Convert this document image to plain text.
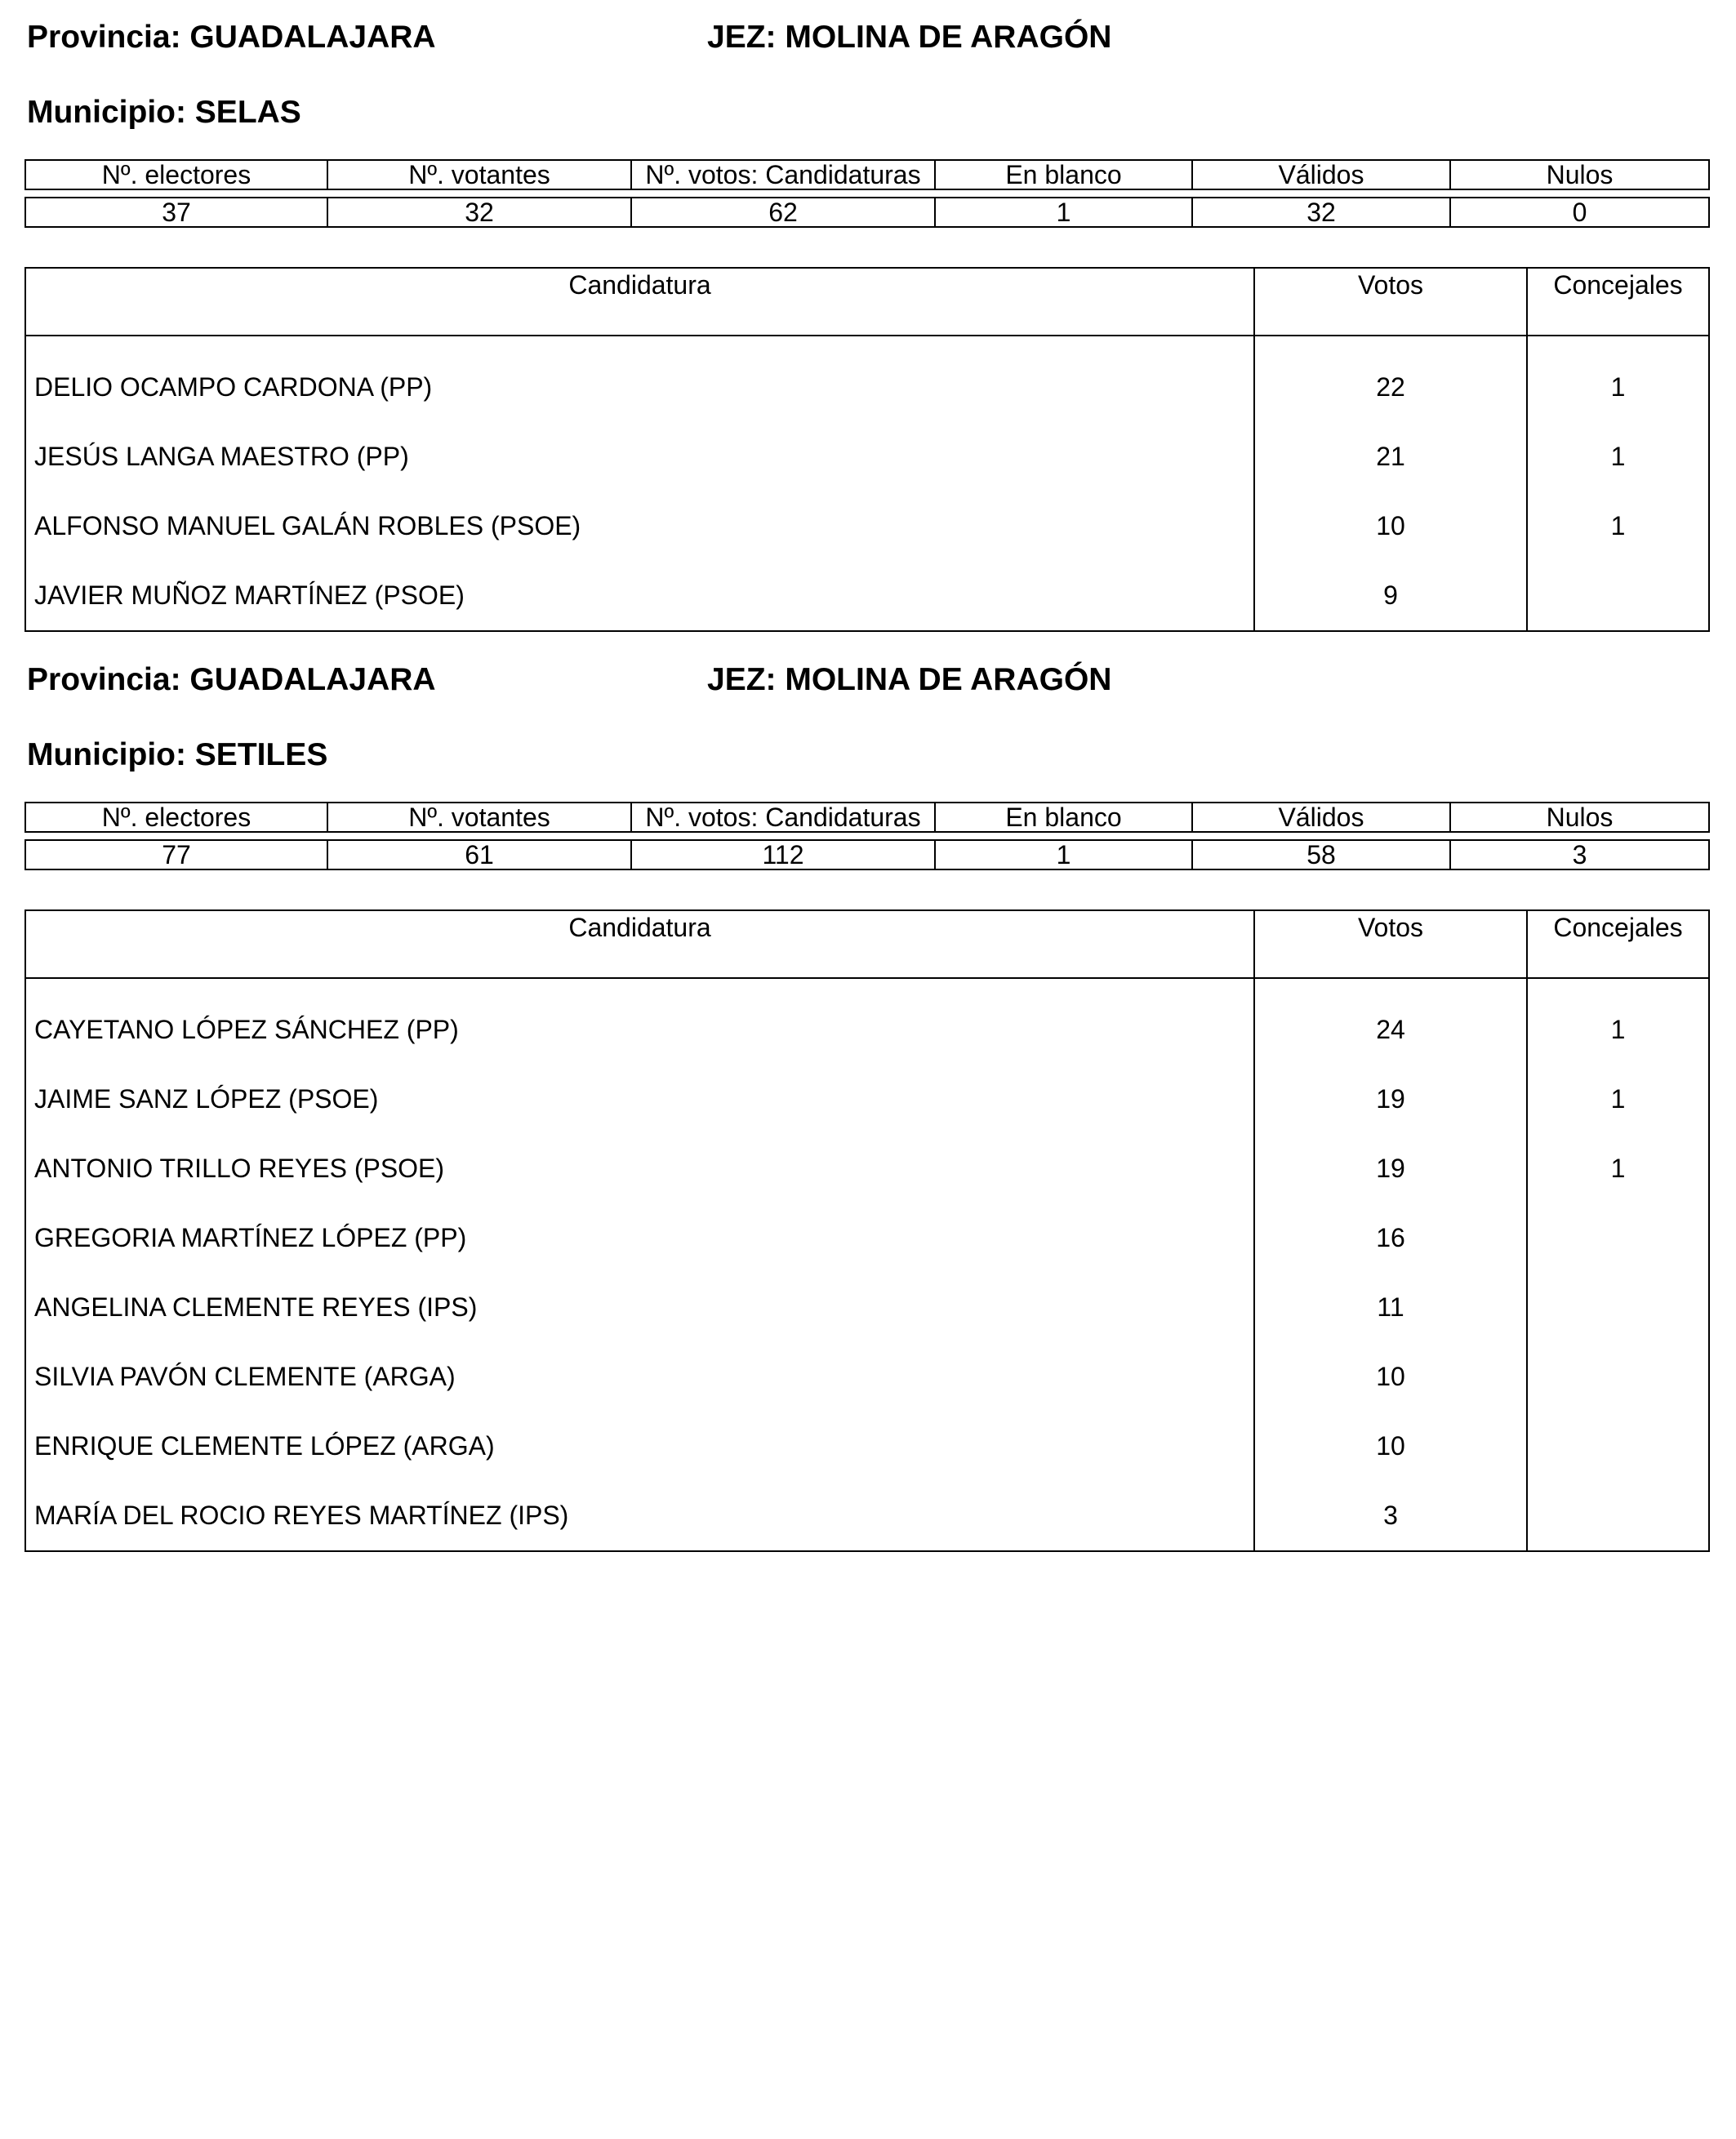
Provincia: GUADALAJARA	JEZ: MOLINA DE ARAGÓN
Municipio: SELAS
Nº. electores	Nº. votantes	Nº. votos: Candidaturas	En blanco	Válidos	Nulos

37	32	62	1	32	0
Candidatura	Votos	Concejales
DELIO OCAMPO CARDONA (PP)	22	1
JESÚS LANGA MAESTRO (PP)	21	1
ALFONSO MANUEL GALÁN ROBLES (PSOE)	10	1
JAVIER MUÑOZ MARTÍNEZ (PSOE)	9	
Provincia: GUADALAJARA	JEZ: MOLINA DE ARAGÓN
Municipio: SETILES
Nº. electores	Nº. votantes	Nº. votos: Candidaturas	En blanco	Válidos	Nulos

77	61	112	1	58	3
Candidatura	Votos	Concejales
CAYETANO LÓPEZ SÁNCHEZ (PP)	24	1
JAIME SANZ LÓPEZ (PSOE)	19	1
ANTONIO TRILLO REYES (PSOE)	19	1
GREGORIA MARTÍNEZ LÓPEZ (PP)	16	
ANGELINA CLEMENTE REYES (IPS)	11	
SILVIA PAVÓN CLEMENTE (ARGA)	10	
ENRIQUE CLEMENTE LÓPEZ (ARGA)	10	
MARÍA DEL ROCIO REYES MARTÍNEZ (IPS)	3	
